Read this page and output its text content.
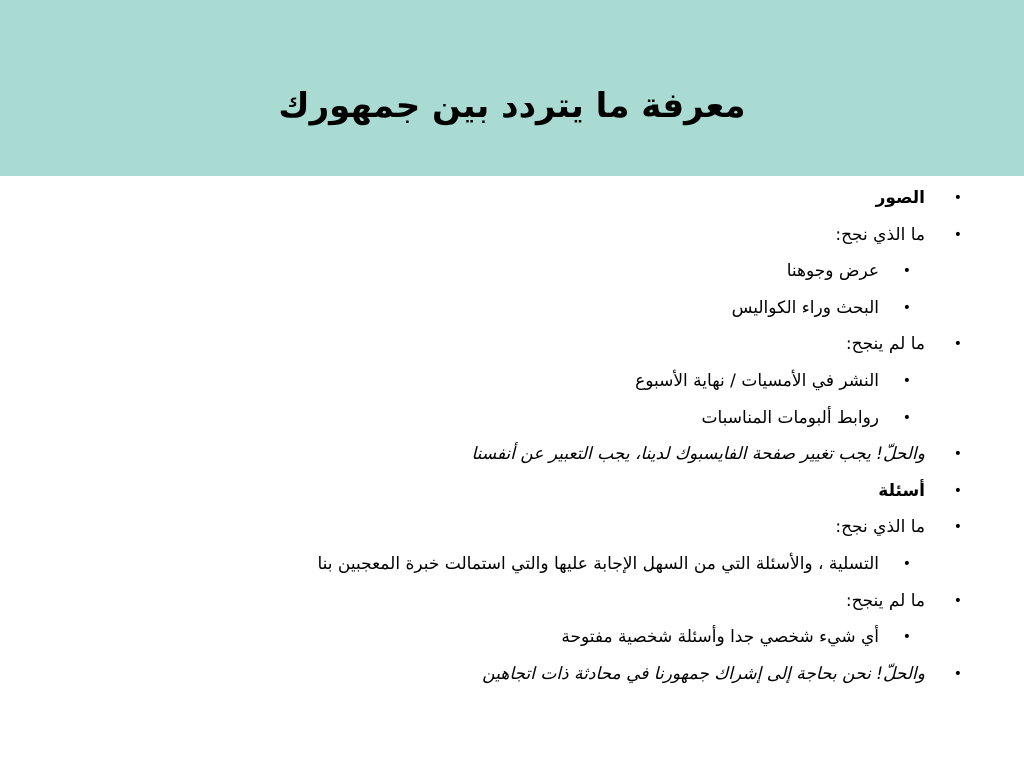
معرفة ما يتردد بين جمهورك
•
الصور
•
ما الذي نجح:
•
عرض وجوهنا
•
البحث وراء الكواليس
•
ما لم ينجح:
•
النشر في الأمسيات / نهاية الأسبوع
•
روابط ألبومات المناسبات
•
والحلّ! يجب تغيير صفحة الفايسبوك لدينا، يجب التعبير عن أنفسنا
•
أسئلة
•
ما الذي نجح:
•
التسلية ، والأسئلة التي من السهل الإجابة عليها والتي استمالت خبرة المعجبين بنا
•
ما لم ينجح:
•
أي شيء شخصي جدا وأسئلة شخصية مفتوحة
•
والحلّ! نحن بحاجة إلى إشراك جمهورنا في محادثة ذات اتجاهين
